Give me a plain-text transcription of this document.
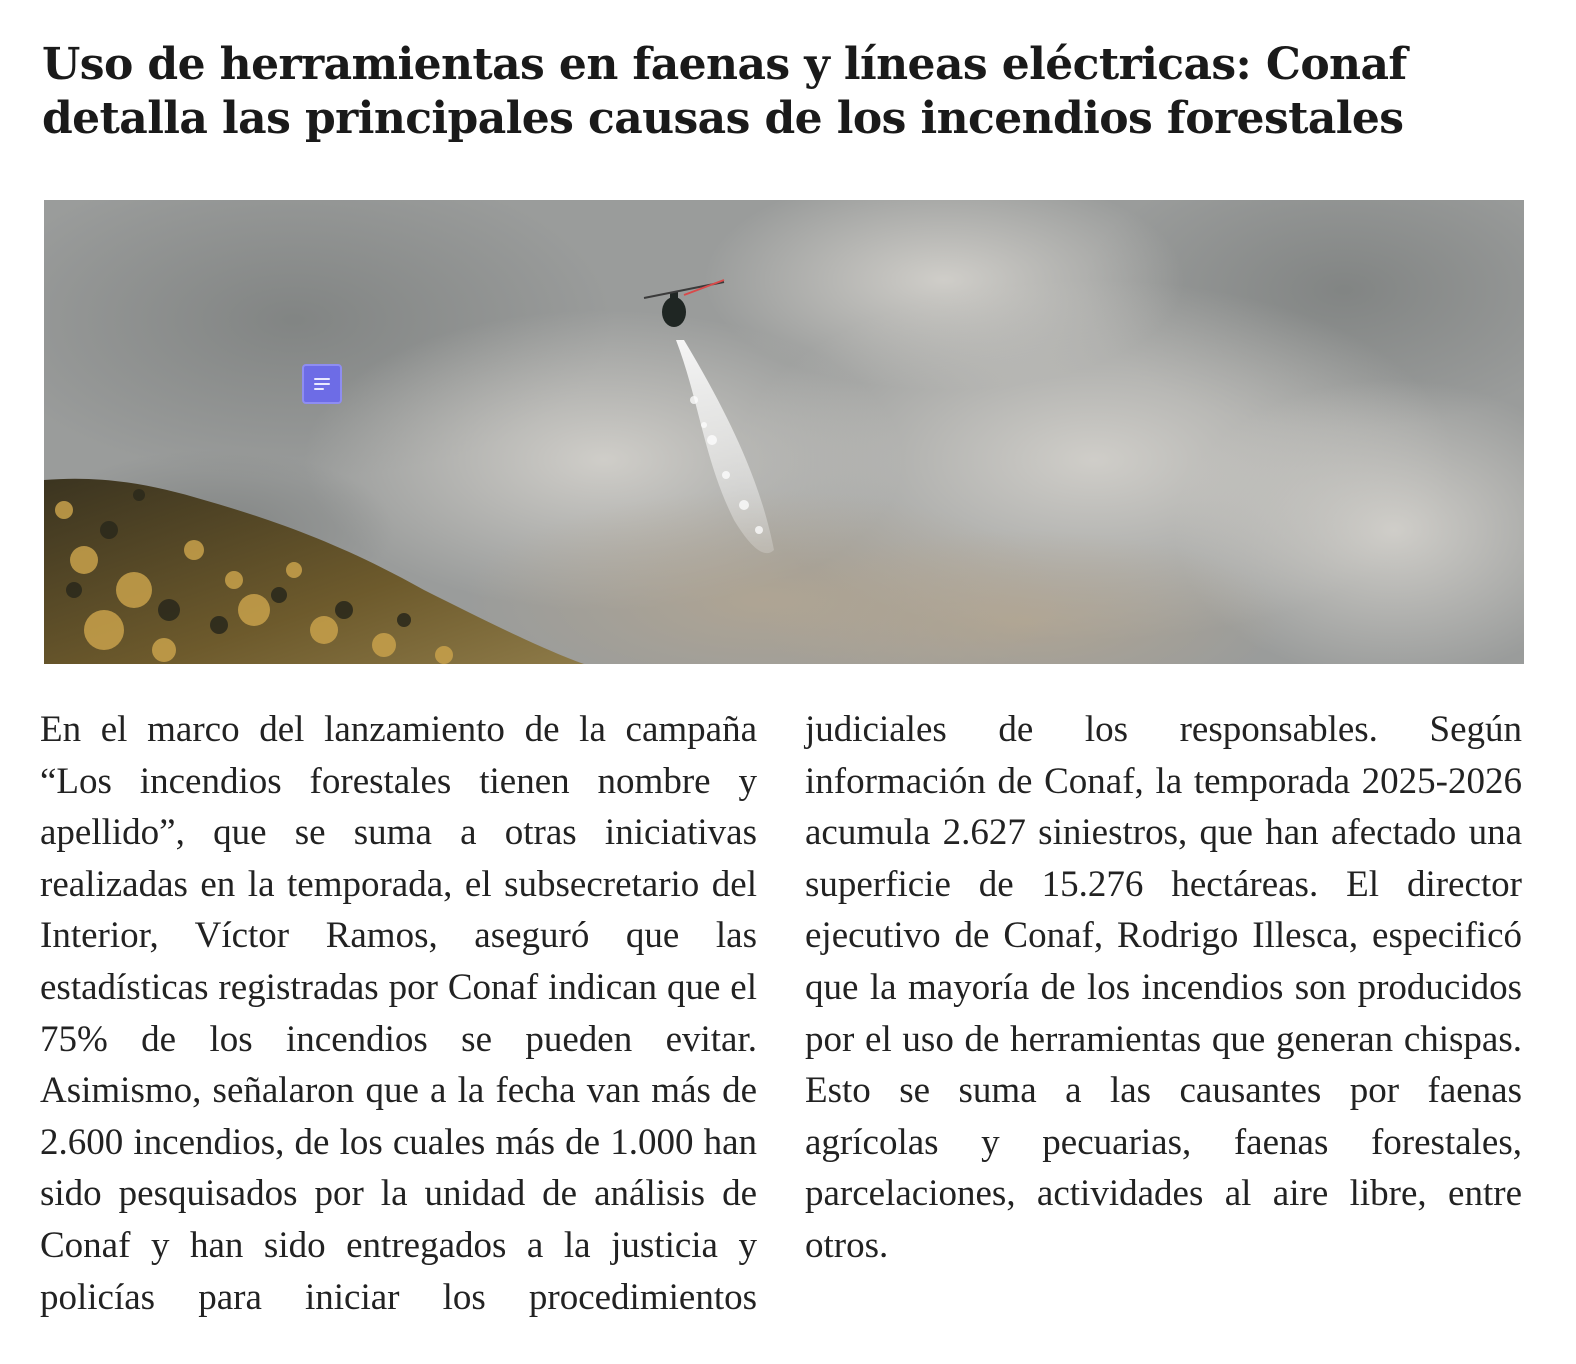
Uso de herramientas en faenas y líneas eléctricas: Conaf detalla las principales causas de los incendios forestales

En el marco del lanzamiento de la campaña “Los incendios forestales tienen nombre y apellido”, que se suma a otras iniciativas realizadas en la temporada, el subsecretario del Interior, Víctor Ramos, aseguró que las estadísticas registradas por Conaf indican que el 75% de los incendios se pueden evitar. Asimismo, señalaron que a la fecha van más de 2.600 incendios, de los cuales más de 1.000 han sido pesquisados por la unidad de análisis de Conaf y han sido entregados a la justicia y policías para iniciar los procedimientos judiciales de los responsables. Según información de Conaf, la temporada 2025-2026 acumula 2.627 siniestros, que han afectado una superficie de 15.276 hectáreas. El director ejecutivo de Conaf, Rodrigo Illesca, especificó que la mayoría de los incendios son producidos por el uso de herramientas que generan chispas. Esto se suma a las causantes por faenas agrícolas y pecuarias, faenas forestales, parcelaciones, actividades al aire libre, entre otros.
